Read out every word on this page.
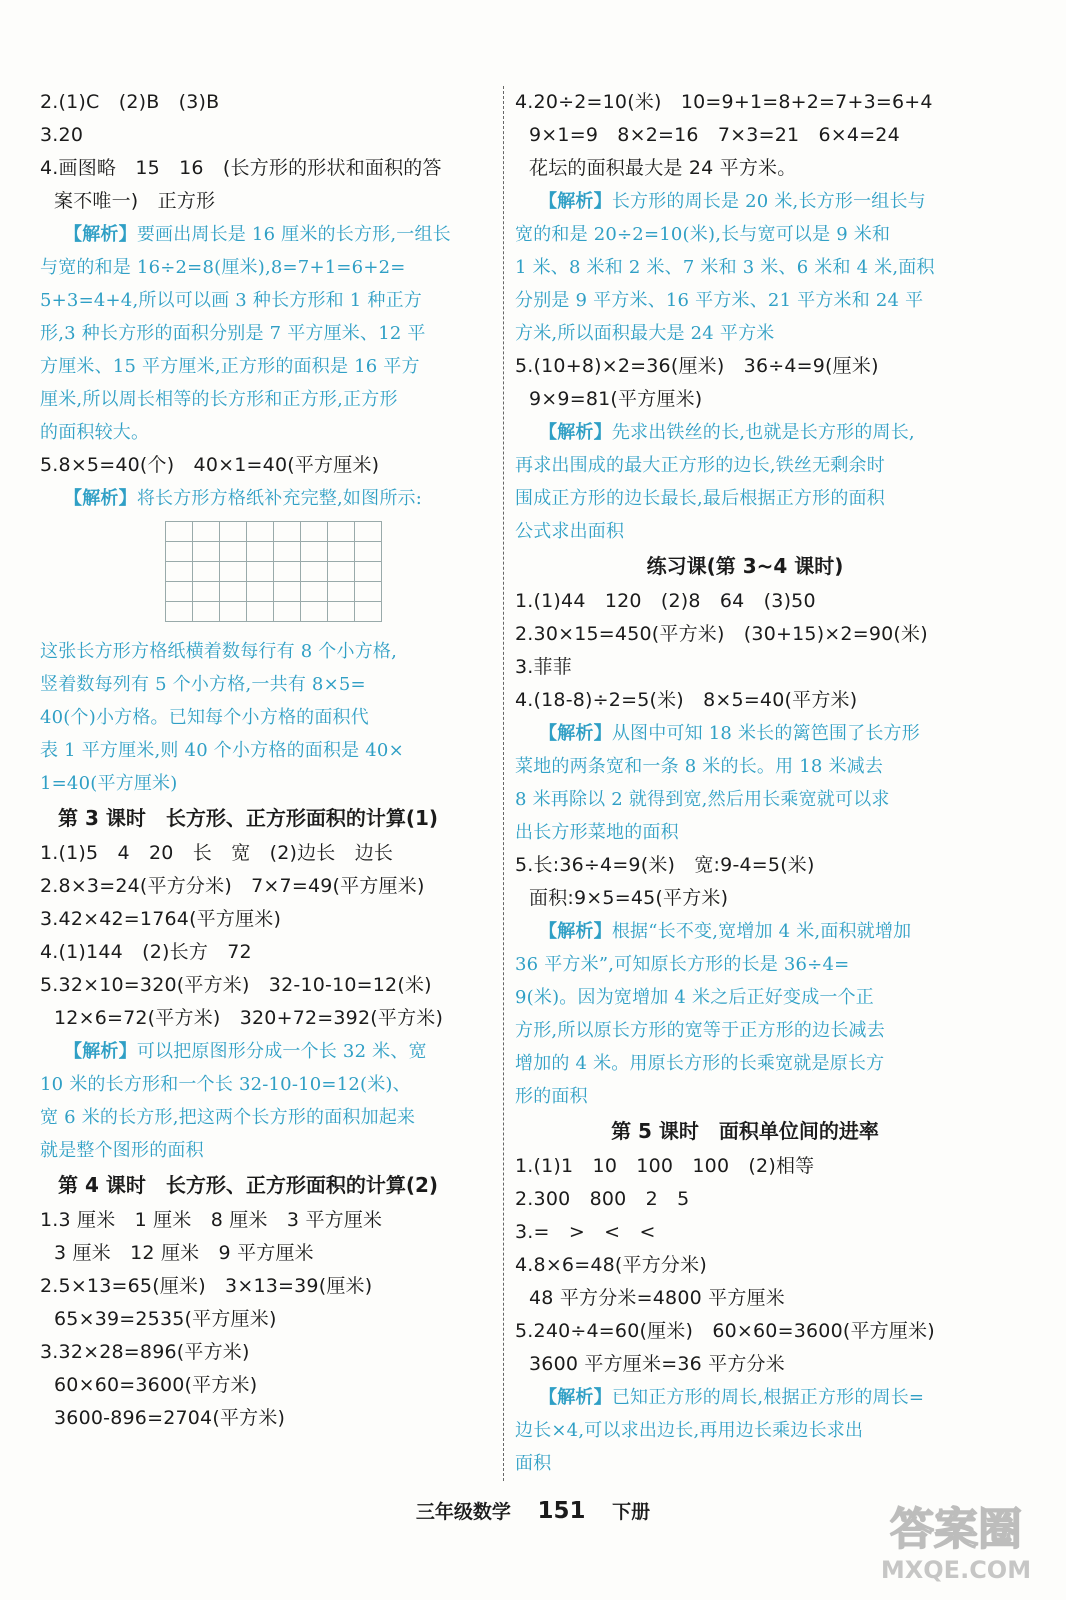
2.(1)C　(2)B　(3)B
3.20
4.画图略　15　16　(长方形的形状和面积的答
案不唯一)　正方形
【解析】要画出周长是 16 厘米的长方形,一组长
与宽的和是 16÷2=8(厘米),8=7+1=6+2=
5+3=4+4,所以可以画 3 种长方形和 1 种正方
形,3 种长方形的面积分别是 7 平方厘米、12 平
方厘米、15 平方厘米,正方形的面积是 16 平方
厘米,所以周长相等的长方形和正方形,正方形
的面积较大。
5.8×5=40(个)　40×1=40(平方厘米)
【解析】将长方形方格纸补充完整,如图所示:
这张长方形方格纸横着数每行有 8 个小方格,
竖着数每列有 5 个小方格,一共有 8×5=
40(个)小方格。已知每个小方格的面积代
表 1 平方厘米,则 40 个小方格的面积是 40×
1=40(平方厘米)
第 3 课时　长方形、正方形面积的计算(1)
1.(1)5　4　20　长　宽　(2)边长　边长
2.8×3=24(平方分米)　7×7=49(平方厘米)
3.42×42=1764(平方厘米)
4.(1)144　(2)长方　72
5.32×10=320(平方米)　32-10-10=12(米)
12×6=72(平方米)　320+72=392(平方米)
【解析】可以把原图形分成一个长 32 米、宽
10 米的长方形和一个长 32-10-10=12(米)、
宽 6 米的长方形,把这两个长方形的面积加起来
就是整个图形的面积
第 4 课时　长方形、正方形面积的计算(2)
1.3 厘米　1 厘米　8 厘米　3 平方厘米
3 厘米　12 厘米　9 平方厘米
2.5×13=65(厘米)　3×13=39(厘米)
65×39=2535(平方厘米)
3.32×28=896(平方米)
60×60=3600(平方米)
3600-896=2704(平方米)
4.20÷2=10(米)　10=9+1=8+2=7+3=6+4
9×1=9　8×2=16　7×3=21　6×4=24
花坛的面积最大是 24 平方米。
【解析】长方形的周长是 20 米,长方形一组长与
宽的和是 20÷2=10(米),长与宽可以是 9 米和
1 米、8 米和 2 米、7 米和 3 米、6 米和 4 米,面积
分别是 9 平方米、16 平方米、21 平方米和 24 平
方米,所以面积最大是 24 平方米
5.(10+8)×2=36(厘米)　36÷4=9(厘米)
9×9=81(平方厘米)
【解析】先求出铁丝的长,也就是长方形的周长,
再求出围成的最大正方形的边长,铁丝无剩余时
围成正方形的边长最长,最后根据正方形的面积
公式求出面积
练习课(第 3~4 课时)
1.(1)44　120　(2)8　64　(3)50
2.30×15=450(平方米)　(30+15)×2=90(米)
3.菲菲
4.(18-8)÷2=5(米)　8×5=40(平方米)
【解析】从图中可知 18 米长的篱笆围了长方形
菜地的两条宽和一条 8 米的长。用 18 米减去
8 米再除以 2 就得到宽,然后用长乘宽就可以求
出长方形菜地的面积
5.长:36÷4=9(米)　宽:9-4=5(米)
面积:9×5=45(平方米)
【解析】根据“长不变,宽增加 4 米,面积就增加
36 平方米”,可知原长方形的长是 36÷4=
9(米)。因为宽增加 4 米之后正好变成一个正
方形,所以原长方形的宽等于正方形的边长减去
增加的 4 米。用原长方形的长乘宽就是原长方
形的面积
第 5 课时　面积单位间的进率
1.(1)1　10　100　100　(2)相等
2.300　800　2　5
3.=　>　<　<
4.8×6=48(平方分米)
48 平方分米=4800 平方厘米
5.240÷4=60(厘米)　60×60=3600(平方厘米)
3600 平方厘米=36 平方分米
【解析】已知正方形的周长,根据正方形的周长=
边长×4,可以求出边长,再用边长乘边长求出
面积
三年级数学 151 下册	答案圈
MXQE.COM
